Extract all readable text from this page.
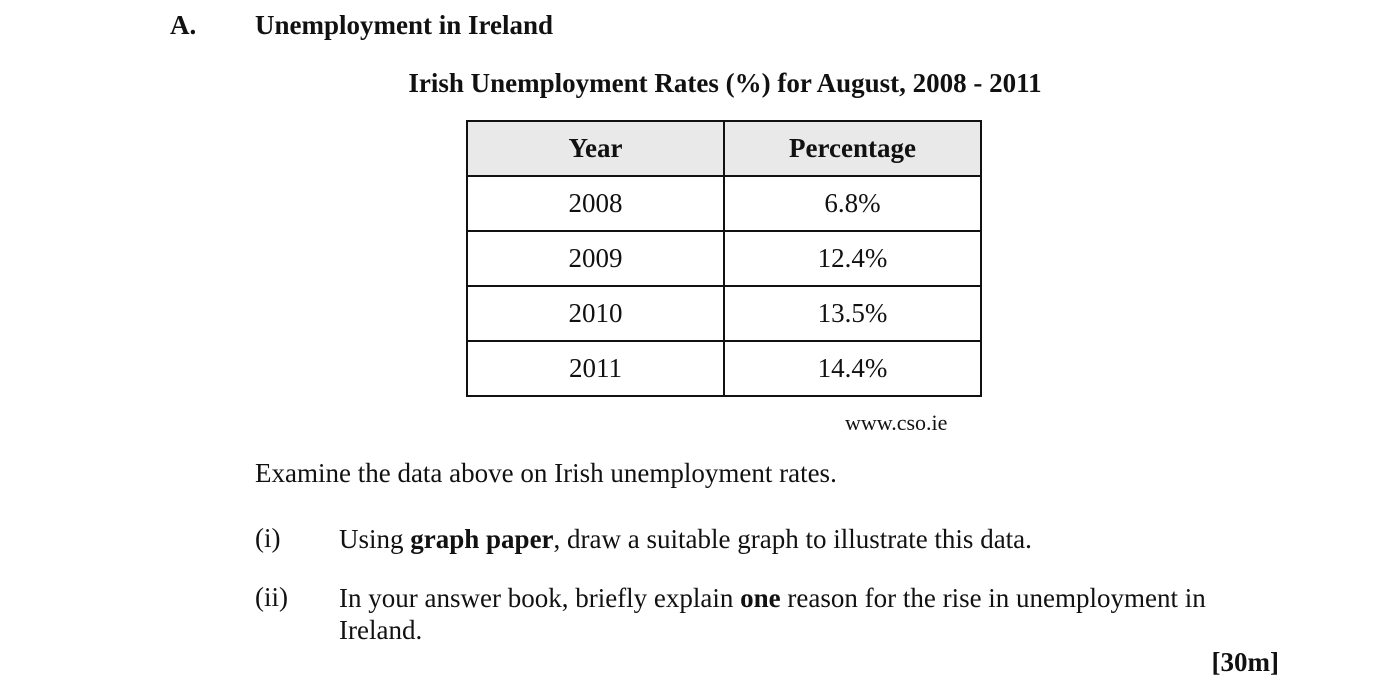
A. Unemployment in Ireland
Irish Unemployment Rates (%) for August, 2008 - 2011
Year	Percentage
2008	6.8%
2009	12.4%
2010	13.5%
2011	14.4%
www.cso.ie
Examine the data above on Irish unemployment rates.
(i) Using graph paper, draw a suitable graph to illustrate this data.
(ii) In your answer book, briefly explain one reason for the rise in unemployment in Ireland.
[30m]
